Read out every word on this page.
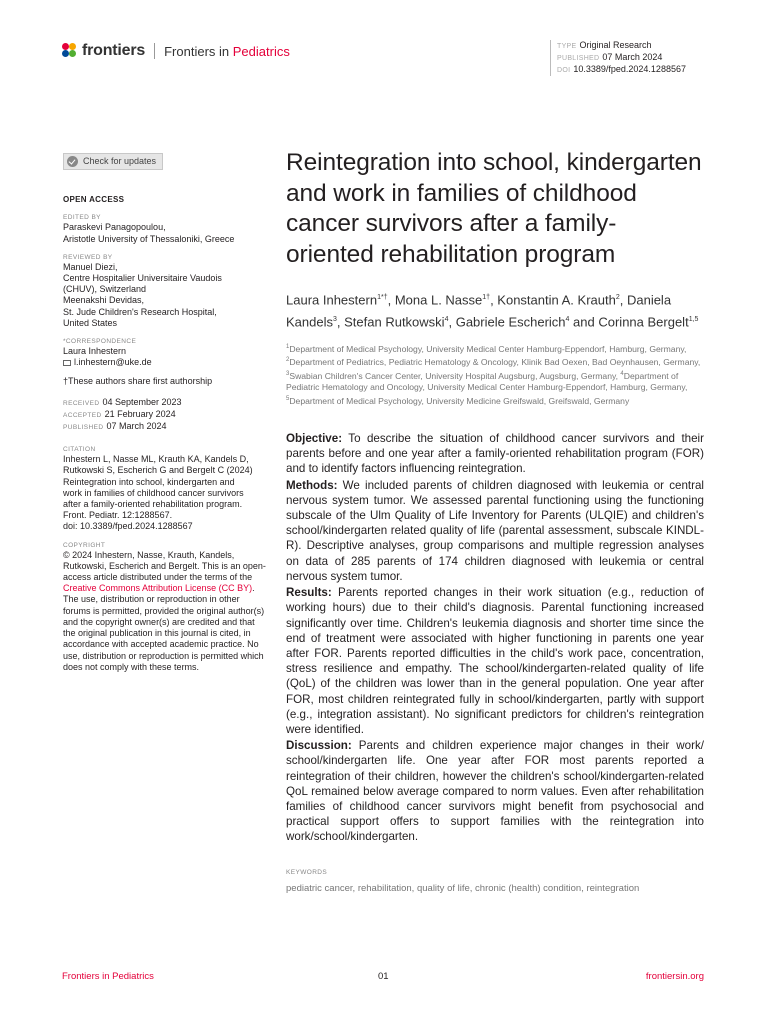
frontiers Frontiers in Pediatrics	TYPE Original Research
PUBLISHED 07 March 2024
DOI 10.3389/fped.2024.1288567
Check for updates
OPEN ACCESS
EDITED BY
Paraskevi Panagopoulou,
Aristotle University of Thessaloniki, Greece
REVIEWED BY
Manuel Diezi,
Centre Hospitalier Universitaire Vaudois
(CHUV), Switzerland
Meenakshi Devidas,
St. Jude Children's Research Hospital,
United States
*CORRESPONDENCE
Laura Inhestern
l.inhestern@uke.de
†These authors share first authorship
RECEIVED 04 September 2023
ACCEPTED 21 February 2024
PUBLISHED 07 March 2024
CITATION
Inhestern L, Nasse ML, Krauth KA, Kandels D,
Rutkowski S, Escherich G and Bergelt C (2024)
Reintegration into school, kindergarten and
work in families of childhood cancer survivors
after a family-oriented rehabilitation program.
Front. Pediatr. 12:1288567.
doi: 10.3389/fped.2024.1288567
COPYRIGHT
© 2024 Inhestern, Nasse, Krauth, Kandels, Rutkowski, Escherich and Bergelt. This is an open-access article distributed under the terms of the Creative Commons Attribution License (CC BY). The use, distribution or reproduction in other forums is permitted, provided the original author(s) and the copyright owner(s) are credited and that the original publication in this journal is cited, in accordance with accepted academic practice. No use, distribution or reproduction is permitted which does not comply with these terms.
Reintegration into school, kindergarten and work in families of childhood cancer survivors after a family-oriented rehabilitation program
Laura Inhestern$^{1*\dagger}$, Mona L. Nasse$^{1\dagger}$, Konstantin A. Krauth$^2$, Daniela Kandels$^3$, Stefan Rutkowski$^4$, Gabriele Escherich$^4$ and Corinna Bergelt$^{1,5}$
$^1$Department of Medical Psychology, University Medical Center Hamburg-Eppendorf, Hamburg, Germany, $^2$Department of Pediatrics, Pediatric Hematology & Oncology, Klinik Bad Oexen, Bad Oeynhausen, Germany, $^3$Swabian Children's Cancer Center, University Hospital Augsburg, Augsburg, Germany, $^4$Department of Pediatric Hematology and Oncology, University Medical Center Hamburg-Eppendorf, Hamburg, Germany, $^5$Department of Medical Psychology, University Medicine Greifswald, Greifswald, Germany

Objective: To describe the situation of childhood cancer survivors and their parents before and one year after a family-oriented rehabilitation program (FOR) and to identify factors influencing reintegration.

Methods: We included parents of children diagnosed with leukemia or central nervous system tumor. We assessed parental functioning using the functioning subscale of the Ulm Quality of Life Inventory for Parents (ULQIE) and children's school/kindergarten related quality of life (parental assessment, subscale KINDL-R). Descriptive analyses, group comparisons and multiple regression analyses on data of 285 parents of 174 children diagnosed with leukemia or central nervous system tumor.

Results: Parents reported changes in their work situation (e.g., reduction of working hours) due to their child's diagnosis. Parental functioning increased significantly over time. Children's leukemia diagnosis and shorter time since the end of treatment were associated with higher functioning in parents one year after FOR. Parents reported difficulties in the child's work pace, concentration, stress resilience and empathy. The school/kindergarten-related quality of life (QoL) of the children was lower than in the general population. One year after FOR, most children reintegrated fully in school/kindergarten, partly with support (e.g., integration assistant). No significant predictors for children's reintegration were identified.

Discussion: Parents and children experience major changes in their work/ school/kindergarten life. One year after FOR most parents reported a reintegration of their children, however the children's school/kindergarten-related QoL remained below average compared to norm values. Even after rehabilitation families of childhood cancer survivors might benefit from psychosocial and practical support offers to support families with the reintegration into work/school/kindergarten.

KEYWORDS
pediatric cancer, rehabilitation, quality of life, chronic (health) condition, reintegration
Frontiers in Pediatrics	01	frontiersin.org
